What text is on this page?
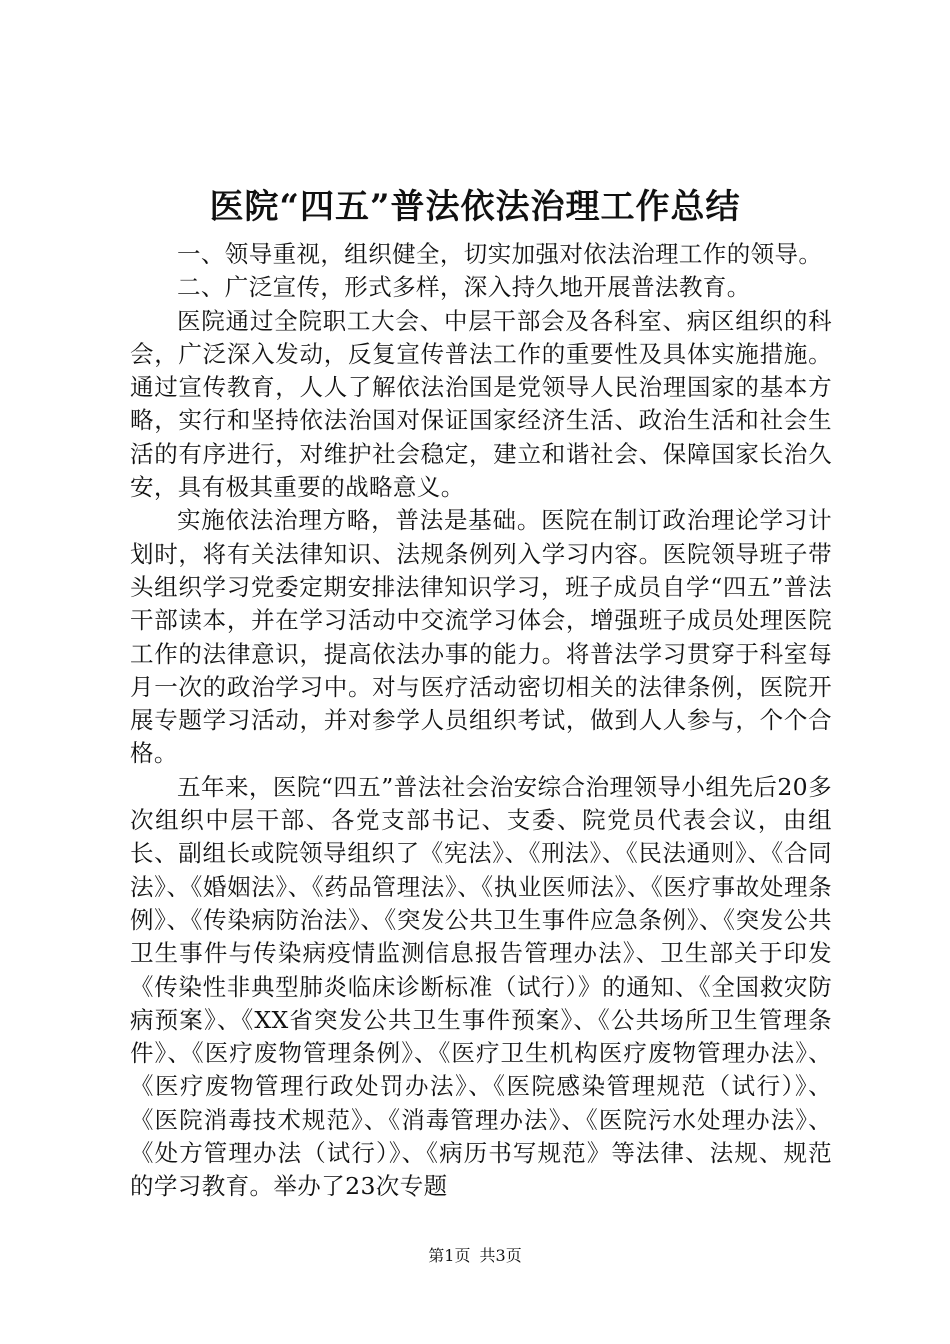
医院“四五”普法依法治理工作总结

一、领导重视，组织健全，切实加强对依法治理工作的领导。

二、广泛宣传，形式多样，深入持久地开展普法教育。

医院通过全院职工大会、中层干部会及各科室、病区组织的科会，广泛深入发动，反复宣传普法工作的重要性及具体实施措施。通过宣传教育，人人了解依法治国是党领导人民治理国家的基本方略，实行和坚持依法治国对保证国家经济生活、政治生活和社会生活的有序进行，对维护社会稳定，建立和谐社会、保障国家长治久安，具有极其重要的战略意义。

实施依法治理方略，普法是基础。医院在制订政治理论学习计划时，将有关法律知识、法规条例列入学习内容。医院领导班子带头组织学习党委定期安排法律知识学习，班子成员自学“四五”普法干部读本，并在学习活动中交流学习体会，增强班子成员处理医院工作的法律意识，提高依法办事的能力。将普法学习贯穿于科室每月一次的政治学习中。对与医疗活动密切相关的法律条例，医院开展专题学习活动，并对参学人员组织考试，做到人人参与，个个合格。

五年来，医院“四五”普法社会治安综合治理领导小组先后20多次组织中层干部、各党支部书记、支委、院党员代表会议，由组长、副组长或院领导组织了《宪法》、《刑法》、《民法通则》、《合同法》、《婚姻法》、《药品管理法》、《执业医师法》、《医疗事故处理条例》、《传染病防治法》、《突发公共卫生事件应急条例》、《突发公共卫生事件与传染病疫情监测信息报告管理办法》、卫生部关于印发《传染性非典型肺炎临床诊断标准（试行）》的通知、《全国救灾防病预案》、《XX省突发公共卫生事件预案》、《公共场所卫生管理条件》、《医疗废物管理条例》、《医疗卫生机构医疗废物管理办法》、《医疗废物管理行政处罚办法》、《医院感染管理规范（试行）》、《医院消毒技术规范》、《消毒管理办法》、《医院污水处理办法》、《处方管理办法（试行）》、《病历书写规范》等法律、法规、规范的学习教育。举办了23次专题

第1页 共3页
